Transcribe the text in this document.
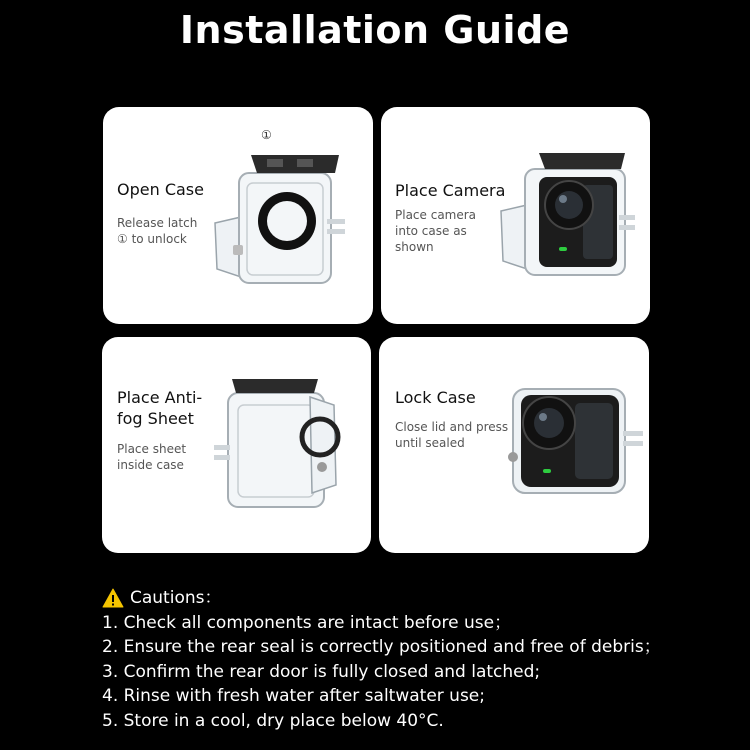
Installation Guide
Open Case
Release latch
① to unlock
①
Place Camera
Place camera
into case as
shown
Place Anti-
fog Sheet
Place sheet
inside case
Lock Case
Close lid and press
until sealed
Cautions：
1. Check all components are intact before use；
2. Ensure the rear seal is correctly positioned and free of debris；
3. Confirm the rear door is fully closed and latched;
4. Rinse with fresh water after saltwater use;
5. Store in a cool, dry place below 40°C.
